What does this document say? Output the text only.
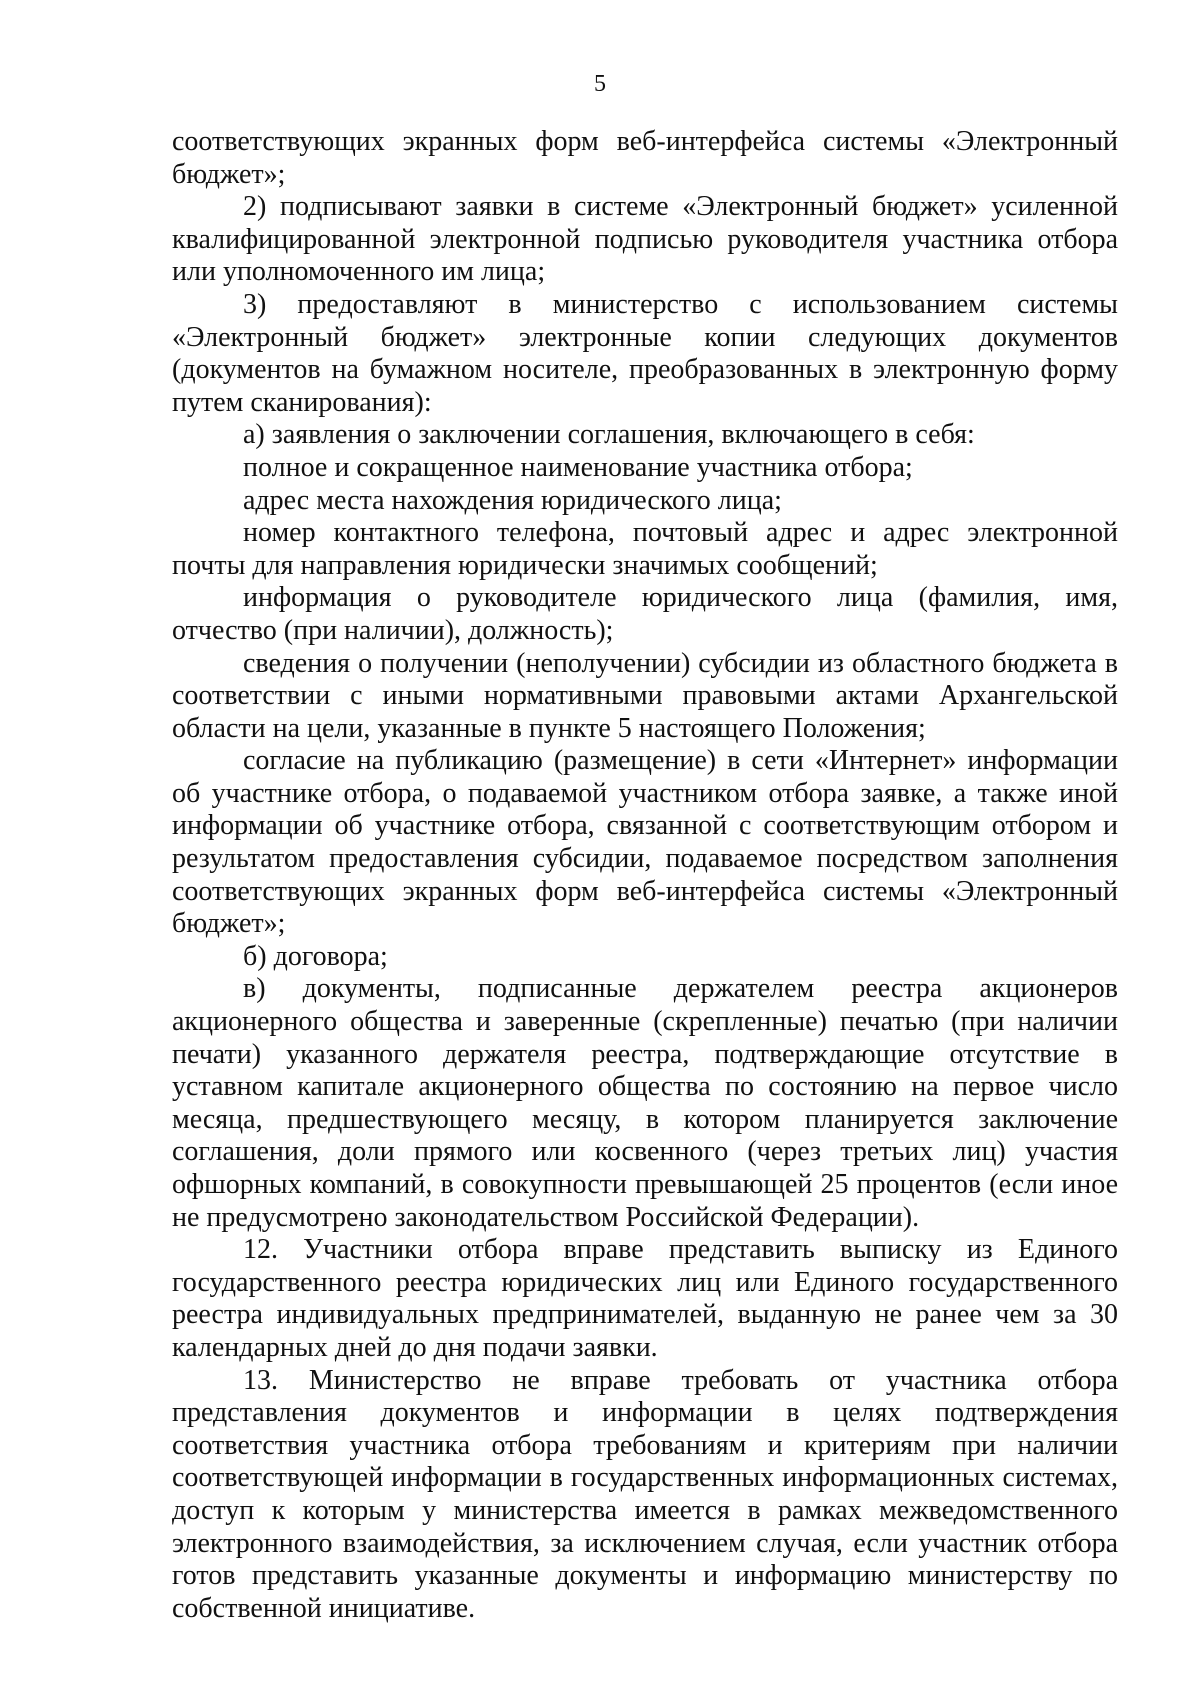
5

соответствующих экранных форм веб-интерфейса системы «Электронный бюджет»;

2) подписывают заявки в системе «Электронный бюджет» усиленной квалифицированной электронной подписью руководителя участника отбора или уполномоченного им лица;

3) предоставляют в министерство с использованием системы «Электронный бюджет» электронные копии следующих документов (документов на бумажном носителе, преобразованных в электронную форму путем сканирования):

а) заявления о заключении соглашения, включающего в себя:

полное и сокращенное наименование участника отбора;

адрес места нахождения юридического лица;

номер контактного телефона, почтовый адрес и адрес электронной почты для направления юридически значимых сообщений;

информация о руководителе юридического лица (фамилия, имя, отчество (при наличии), должность);

сведения о получении (неполучении) субсидии из областного бюджета в соответствии с иными нормативными правовыми актами Архангельской области на цели, указанные в пункте 5 настоящего Положения;

согласие на публикацию (размещение) в сети «Интернет» информации об участнике отбора, о подаваемой участником отбора заявке, а также иной информации об участнике отбора, связанной с соответствующим отбором и результатом предоставления субсидии, подаваемое посредством заполнения соответствующих экранных форм веб-интерфейса системы «Электронный бюджет»;

б) договора;

в) документы, подписанные держателем реестра акционеров акционерного общества и заверенные (скрепленные) печатью (при наличии печати) указанного держателя реестра, подтверждающие отсутствие в уставном капитале акционерного общества по состоянию на первое число месяца, предшествующего месяцу, в котором планируется заключение соглашения, доли прямого или косвенного (через третьих лиц) участия офшорных компаний, в совокупности превышающей 25 процентов (если иное не предусмотрено законодательством Российской Федерации).

12. Участники отбора вправе представить выписку из Единого государственного реестра юридических лиц или Единого государственного реестра индивидуальных предпринимателей, выданную не ранее чем за 30 календарных дней до дня подачи заявки.

13. Министерство не вправе требовать от участника отбора представления документов и информации в целях подтверждения соответствия участника отбора требованиям и критериям при наличии соответствующей информации в государственных информационных системах, доступ к которым у министерства имеется в рамках межведомственного электронного взаимодействия, за исключением случая, если участник отбора готов представить указанные документы и информацию министерству по собственной инициативе.
